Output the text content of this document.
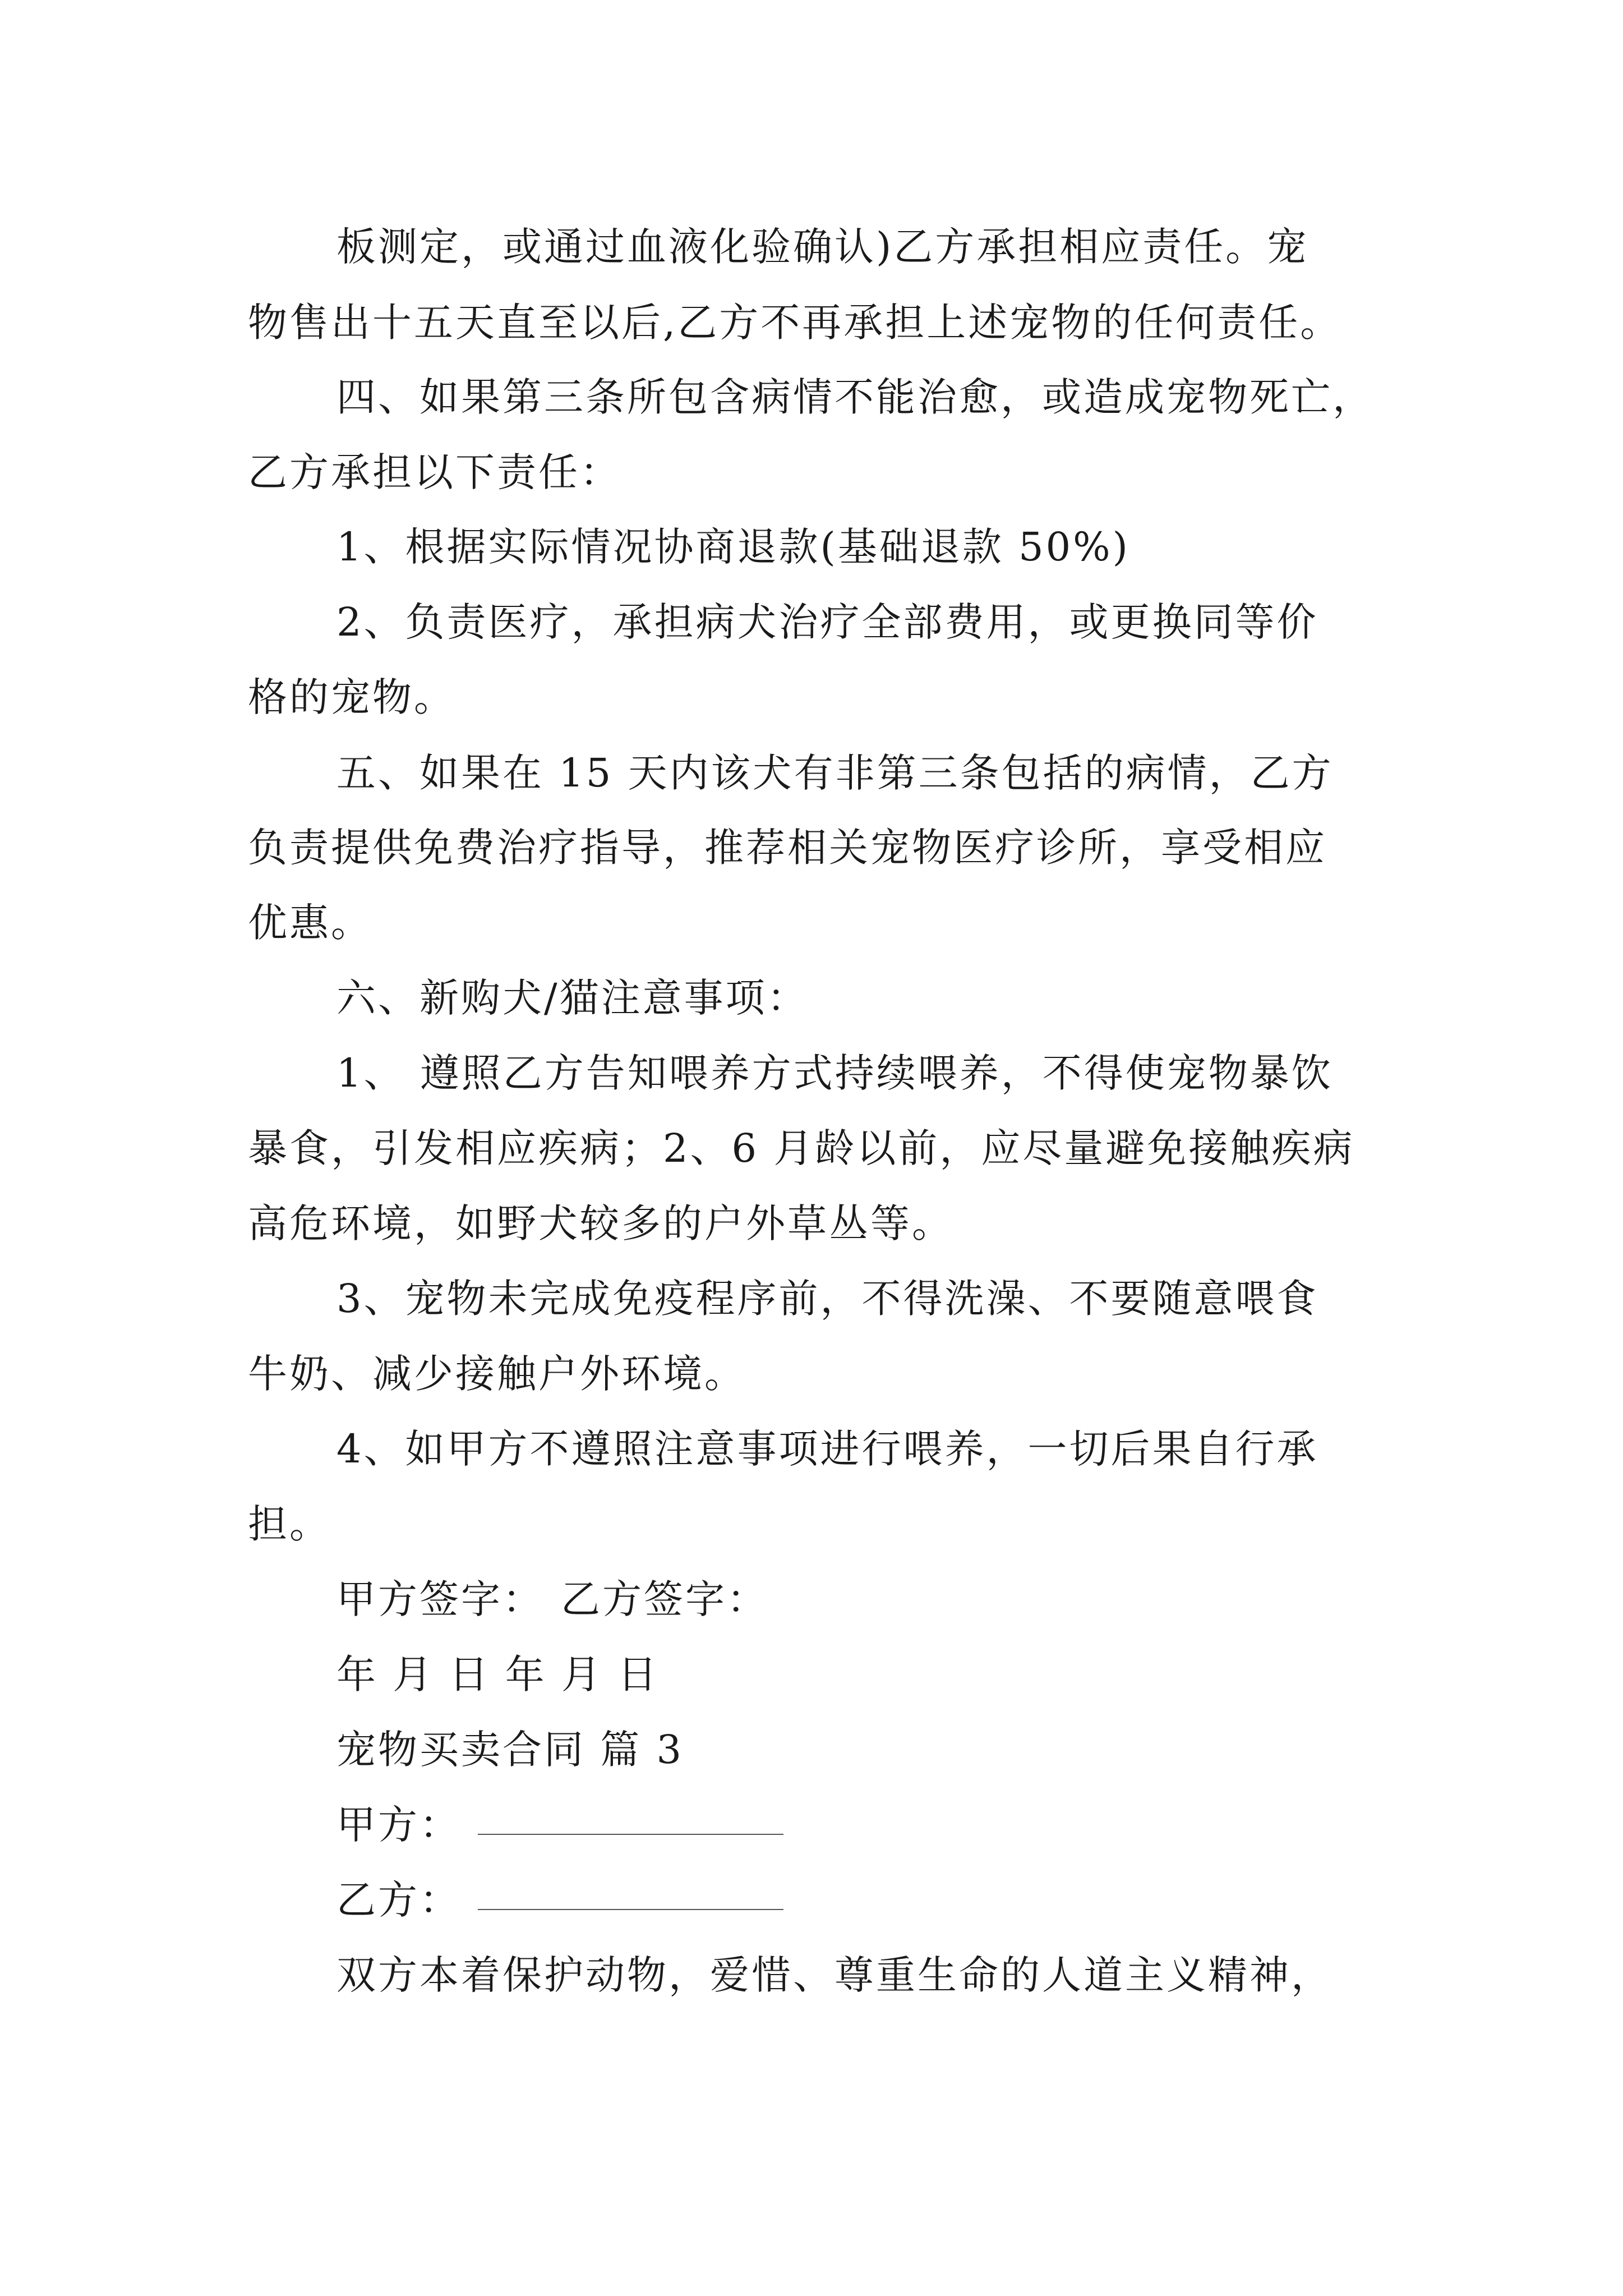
板测定，或通过血液化验确认)乙方承担相应责任。宠
物售出十五天直至以后,乙方不再承担上述宠物的任何责任。
四、如果第三条所包含病情不能治愈，或造成宠物死亡，
乙方承担以下责任：
1、根据实际情况协商退款(基础退款 50%)
2、负责医疗，承担病犬治疗全部费用，或更换同等价
格的宠物。
五、如果在 15 天内该犬有非第三条包括的病情，乙方
负责提供免费治疗指导，推荐相关宠物医疗诊所，享受相应
优惠。
六、新购犬/猫注意事项：
1、 遵照乙方告知喂养方式持续喂养，不得使宠物暴饮
暴食，引发相应疾病；2、6 月龄以前，应尽量避免接触疾病
高危环境，如野犬较多的户外草丛等。
3、宠物未完成免疫程序前，不得洗澡、不要随意喂食
牛奶、减少接触户外环境。
4、如甲方不遵照注意事项进行喂养，一切后果自行承
担。
甲方签字： 乙方签字：
年 月 日 年 月 日
宠物买卖合同 篇 3
甲方：
乙方：
双方本着保护动物，爱惜、尊重生命的人道主义精神，
